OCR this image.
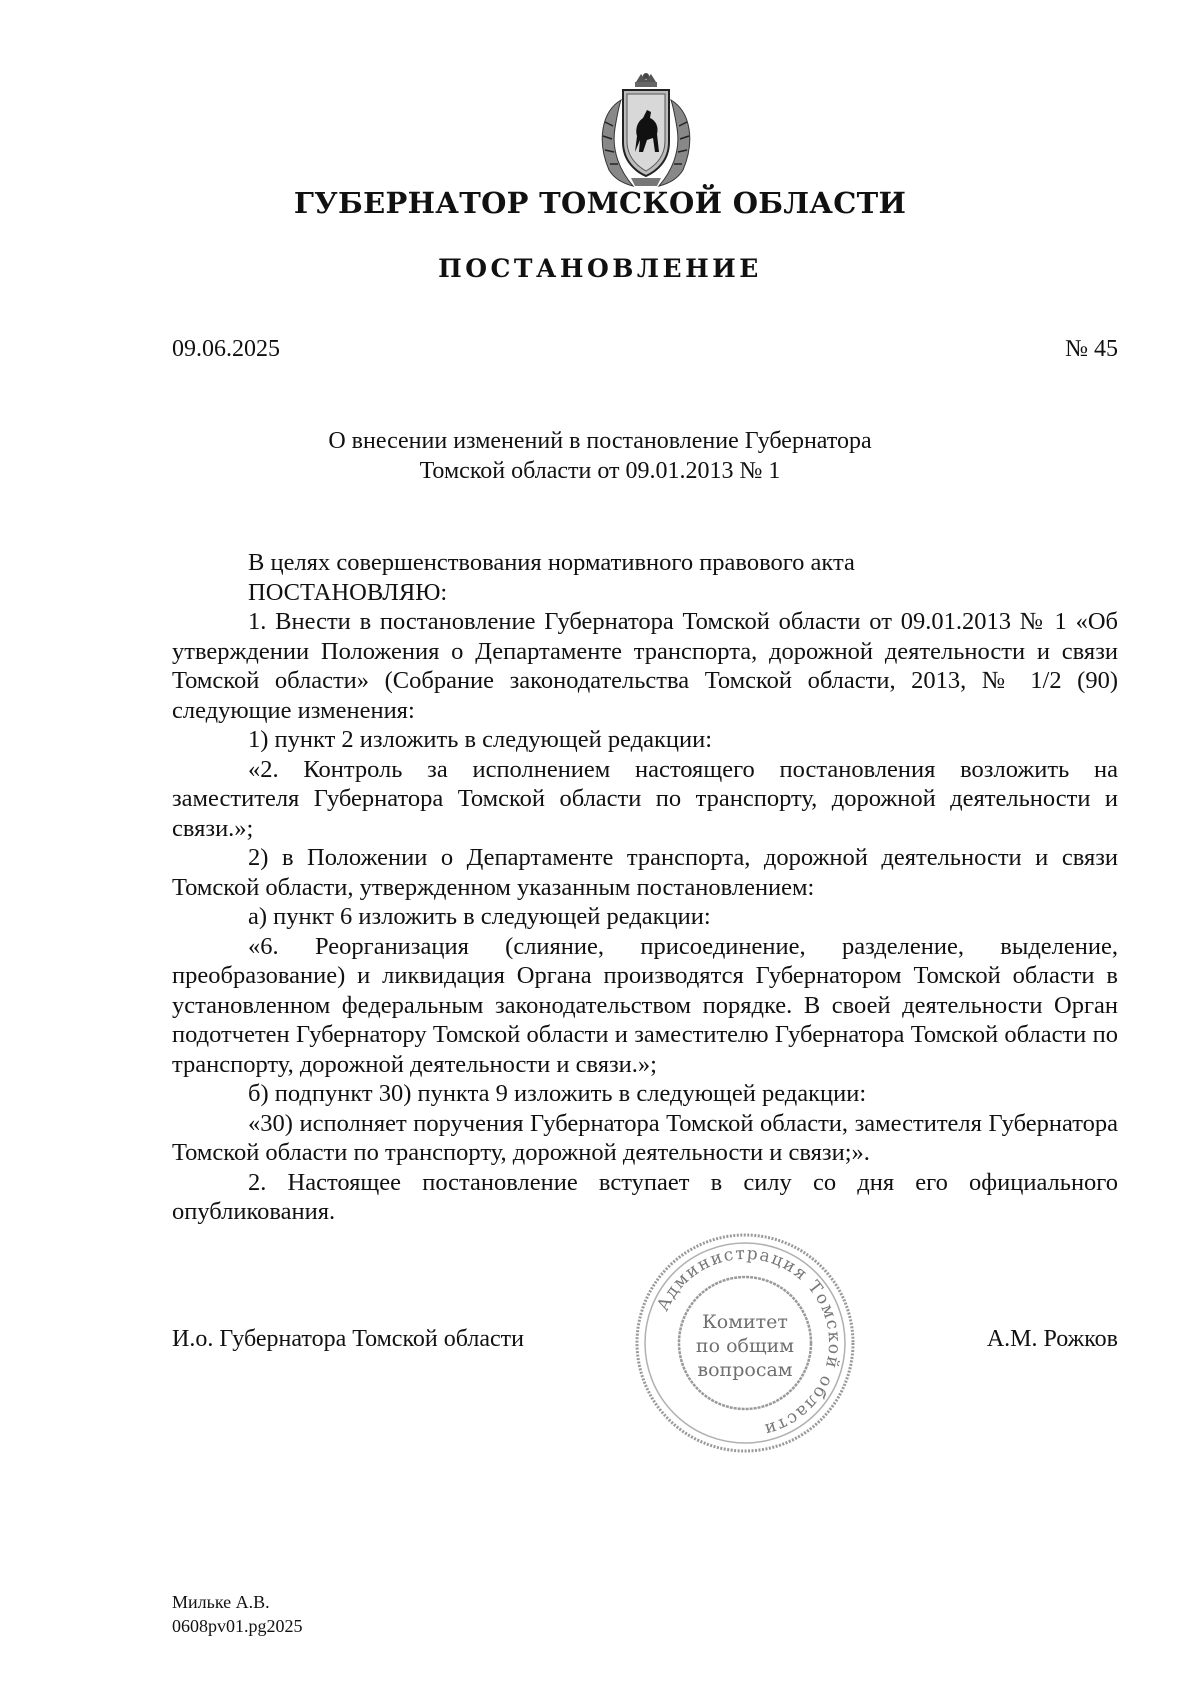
ГУБЕРНАТОР ТОМСКОЙ ОБЛАСТИ
ПОСТАНОВЛЕНИЕ
09.06.2025	№ 45
О внесении изменений в постановление Губернатора
Томской области от 09.01.2013 № 1

В целях совершенствования нормативного правового акта

ПОСТАНОВЛЯЮ:

1. Внести в постановление Губернатора Томской области от 09.01.2013 № 1 «Об утверждении Положения о Департаменте транспорта, дорожной деятельности и связи Томской области» (Собрание законодательства Томской области, 2013, № 1/2 (90) следующие изменения:

1) пункт 2 изложить в следующей редакции:

«2. Контроль за исполнением настоящего постановления возложить на заместителя Губернатора Томской области по транспорту, дорожной деятельности и связи.»;

2) в Положении о Департаменте транспорта, дорожной деятельности и связи Томской области, утвержденном указанным постановлением:

а) пункт 6 изложить в следующей редакции:

«6. Реорганизация (слияние, присоединение, разделение, выделение, преобразование) и ликвидация Органа производятся Губернатором Томской области в установленном федеральным законодательством порядке. В своей деятельности Орган подотчетен Губернатору Томской области и заместителю Губернатора Томской области по транспорту, дорожной деятельности и связи.»;

б) подпункт 30) пункта 9 изложить в следующей редакции:

«30) исполняет поручения Губернатора Томской области, заместителя Губернатора Томской области по транспорту, дорожной деятельности и связи;».

2. Настоящее постановление вступает в силу со дня его официального опубликования.

И.о. Губернатора Томской области	А.М. Рожков
Администрация Томской области
Комитет
по общим
вопросам
Мильке А.В.
0608pv01.pg2025
